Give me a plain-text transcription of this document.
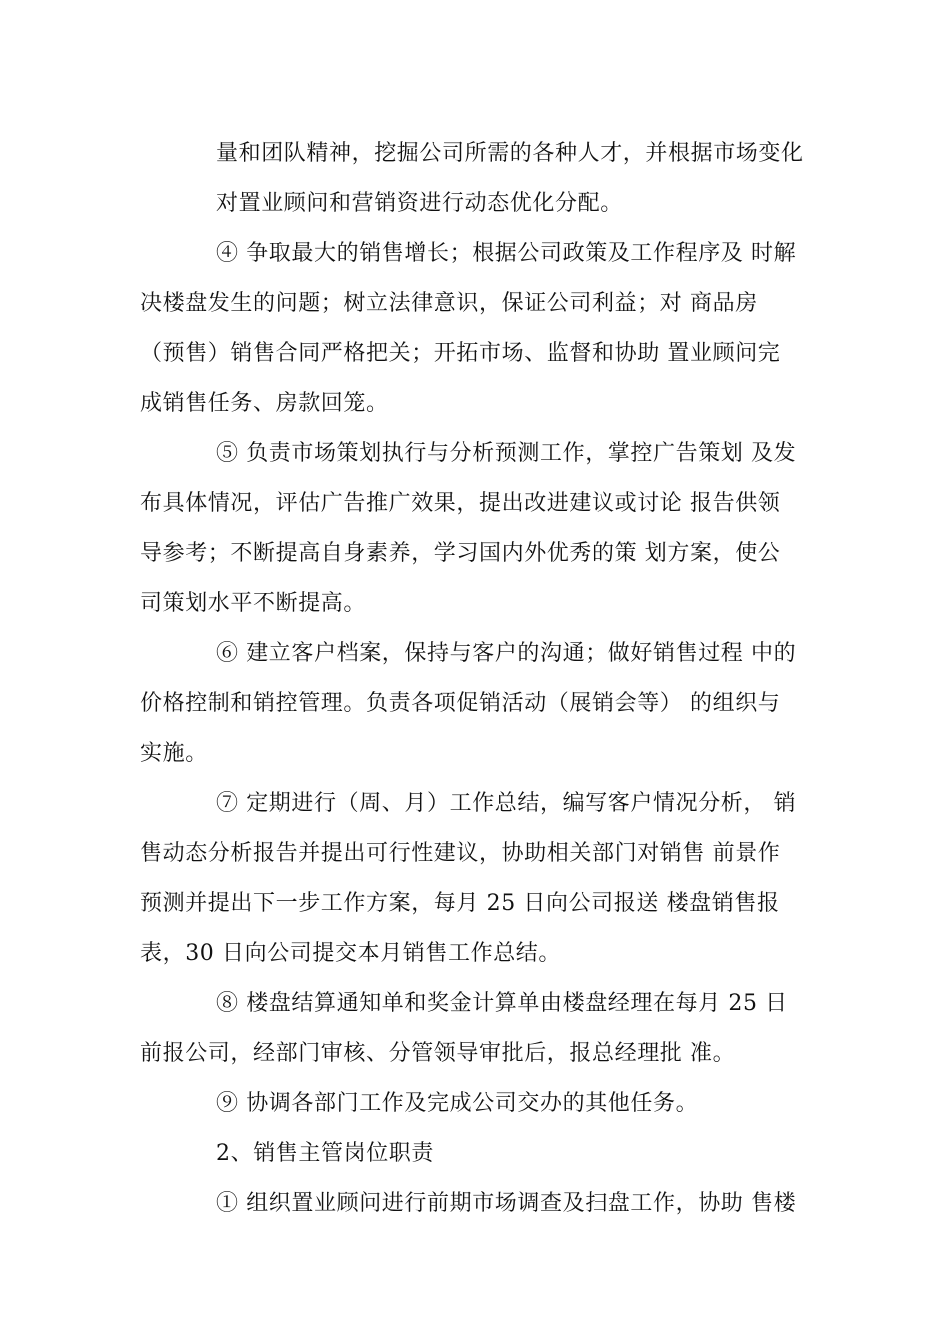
量和团队精神，挖掘公司所需的各种人才，并根据市场变化
对置业顾问和营销资进行动态优化分配。
④ 争取最大的销售增长；根据公司政策及工作程序及 时解
决楼盘发生的问题；树立法律意识，保证公司利益；对 商品房
（预售）销售合同严格把关；开拓市场、监督和协助 置业顾问完
成销售任务、房款回笼。
⑤ 负责市场策划执行与分析预测工作，掌控广告策划 及发
布具体情况，评估广告推广效果，提出改进建议或讨论 报告供领
导参考；不断提高自身素养，学习国内外优秀的策 划方案，使公
司策划水平不断提高。
⑥ 建立客户档案，保持与客户的沟通；做好销售过程 中的
价格控制和销控管理。负责各项促销活动（展销会等） 的组织与
实施。
⑦ 定期进行（周、月）工作总结，编写客户情况分析， 销
售动态分析报告并提出可行性建议，协助相关部门对销售 前景作
预测并提出下一步工作方案，每月 25 日向公司报送 楼盘销售报
表，30 日向公司提交本月销售工作总结。
⑧ 楼盘结算通知单和奖金计算单由楼盘经理在每月 25 日
前报公司，经部门审核、分管领导审批后，报总经理批 准。
⑨ 协调各部门工作及完成公司交办的其他任务。
2、销售主管岗位职责
① 组织置业顾问进行前期市场调查及扫盘工作，协助 售楼
